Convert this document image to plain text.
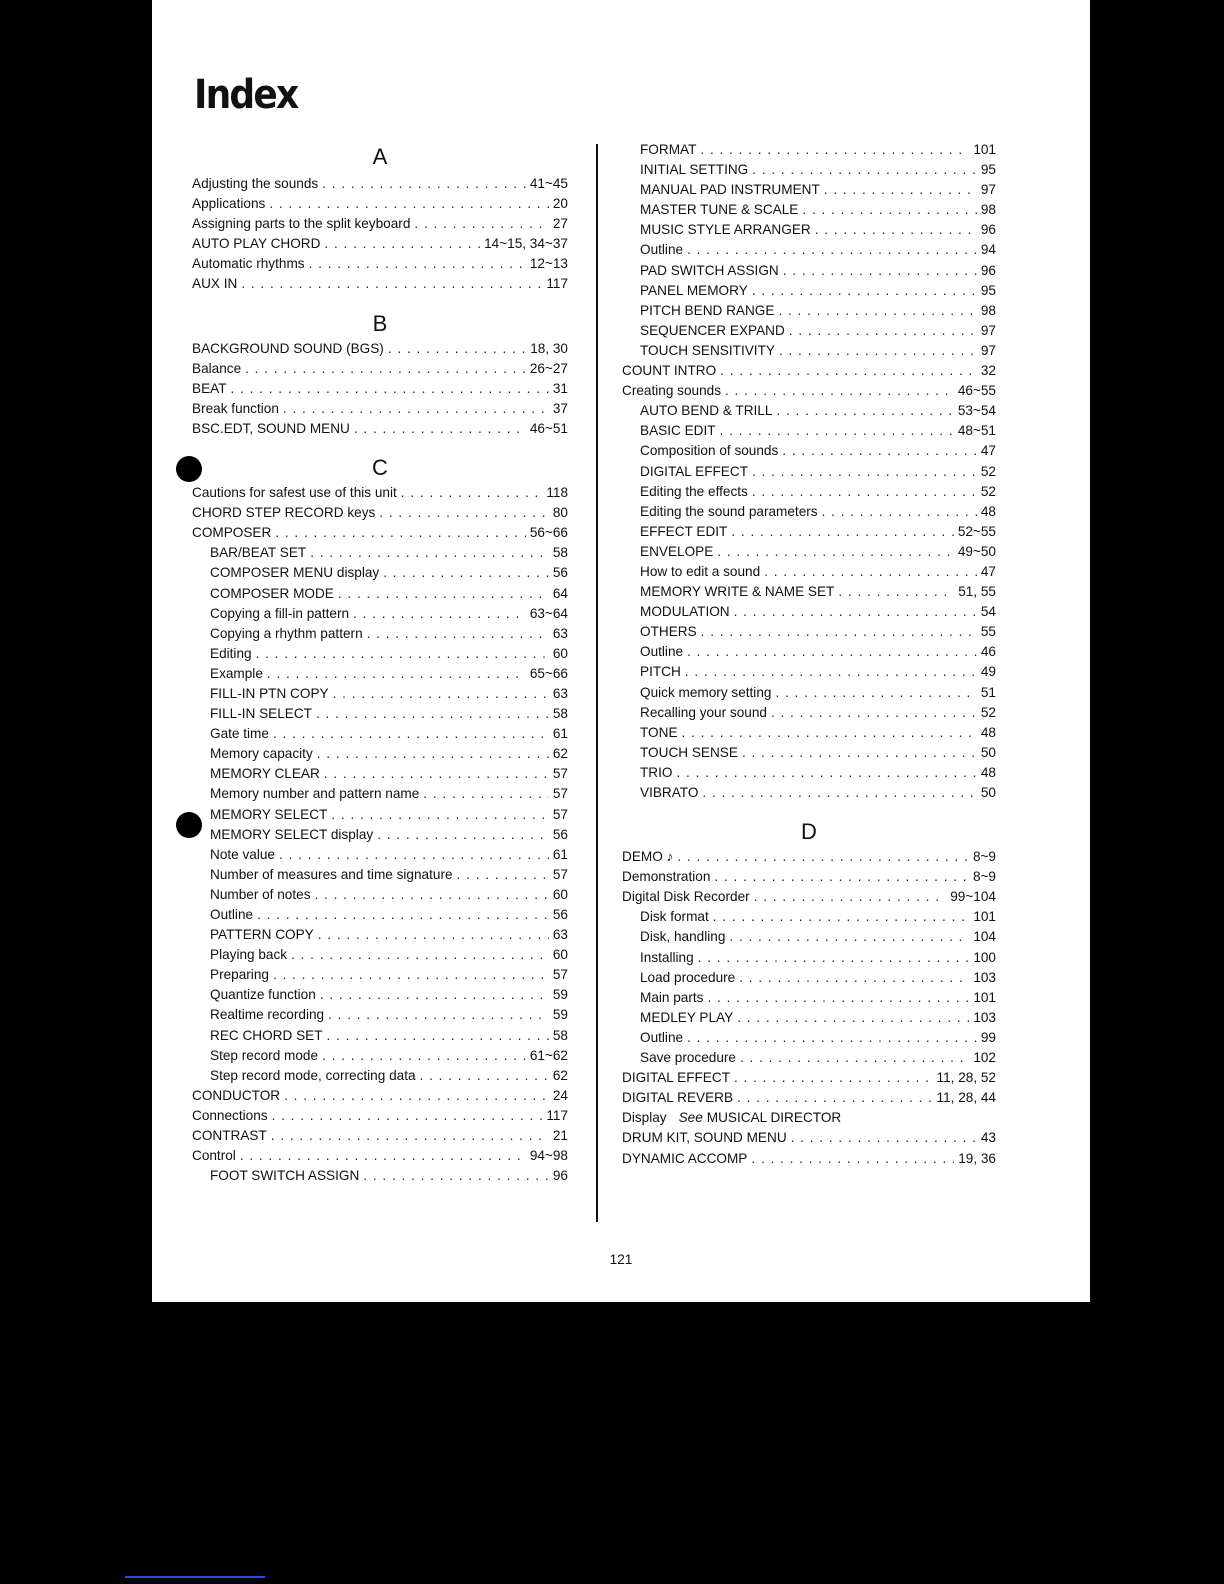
Index
A
Adjusting the sounds . . .	41~45
Applications . . .	20
Assigning parts to the split keyboard . . .	27
AUTO PLAY CHORD . . .	14~15, 34~37
Automatic rhythms . . .	12~13
AUX IN . . .	117
B
BACKGROUND SOUND (BGS) . . .	18, 30
Balance . . .	26~27
BEAT . . .	31
Break function . . .	37
BSC.EDT, SOUND MENU . . .	46~51
C
Cautions for safest use of this unit . . .	118
CHORD STEP RECORD keys . . .	80
COMPOSER . . .	56~66
BAR/BEAT SET . . .	58
COMPOSER MENU display . . .	56
COMPOSER MODE . . .	64
Copying a fill-in pattern . . .	63~64
Copying a rhythm pattern . . .	63
Editing . . .	60
Example . . .	65~66
FILL-IN PTN COPY . . .	63
FILL-IN SELECT . . .	58
Gate time . . .	61
Memory capacity . . .	62
MEMORY CLEAR . . .	57
Memory number and pattern name . . .	57
MEMORY SELECT . . .	57
MEMORY SELECT display . . .	56
Note value . . .	61
Number of measures and time signature . . .	57
Number of notes . . .	60
Outline . . .	56
PATTERN COPY . . .	63
Playing back . . .	60
Preparing . . .	57
Quantize function . . .	59
Realtime recording . . .	59
REC CHORD SET . . .	58
Step record mode . . .	61~62
Step record mode, correcting data . . .	62
CONDUCTOR . . .	24
Connections . . .	117
CONTRAST . . .	21
Control . . .	94~98
FOOT SWITCH ASSIGN . . .	96
FORMAT . . .	101
INITIAL SETTING . . .	95
MANUAL PAD INSTRUMENT . . .	97
MASTER TUNE & SCALE . . .	98
MUSIC STYLE ARRANGER . . .	96
Outline . . .	94
PAD SWITCH ASSIGN . . .	96
PANEL MEMORY . . .	95
PITCH BEND RANGE . . .	98
SEQUENCER EXPAND . . .	97
TOUCH SENSITIVITY . . .	97
COUNT INTRO . . .	32
Creating sounds . . .	46~55
AUTO BEND & TRILL . . .	53~54
BASIC EDIT . . .	48~51
Composition of sounds . . .	47
DIGITAL EFFECT . . .	52
Editing the effects . . .	52
Editing the sound parameters . . .	48
EFFECT EDIT . . .	52~55
ENVELOPE . . .	49~50
How to edit a sound . . .	47
MEMORY WRITE & NAME SET . . .	51, 55
MODULATION . . .	54
OTHERS . . .	55
Outline . . .	46
PITCH . . .	49
Quick memory setting . . .	51
Recalling your sound . . .	52
TONE . . .	48
TOUCH SENSE . . .	50
TRIO . . .	48
VIBRATO . . .	50
D
DEMO ♪ . . .	8~9
Demonstration . . .	8~9
Digital Disk Recorder . . .	99~104
Disk format . . .	101
Disk, handling . . .	104
Installing . . .	100
Load procedure . . .	103
Main parts . . .	101
MEDLEY PLAY . . .	103
Outline . . .	99
Save procedure . . .	102
DIGITAL EFFECT . . .	11, 28, 52
DIGITAL REVERB . . .	11, 28, 44
Display See MUSICAL DIRECTOR
DRUM KIT, SOUND MENU . . .	43
DYNAMIC ACCOMP . . .	19, 36
121
